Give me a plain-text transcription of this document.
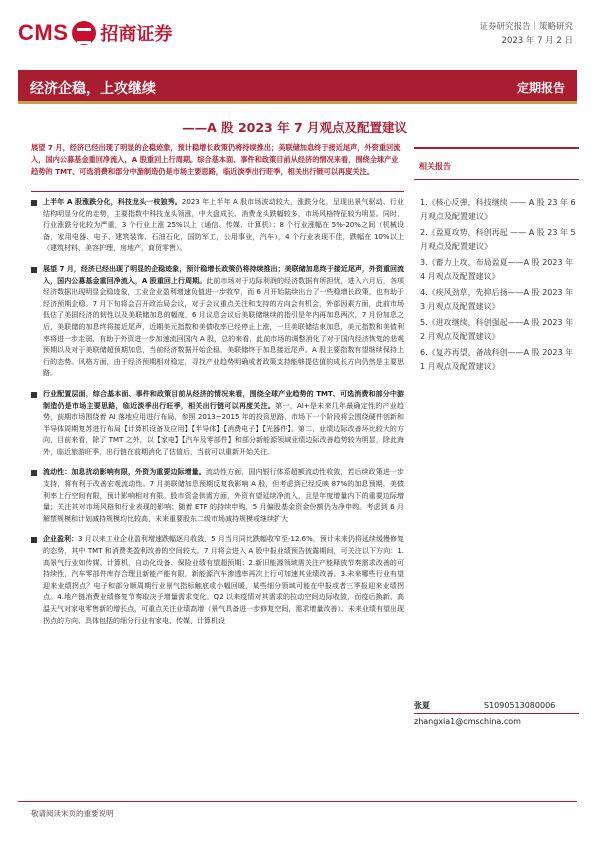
CMS 招商证券	证券研究报告｜策略研究
2023 年 7 月 2 日
经济企稳，上攻继续	定期报告
——A 股 2023 年 7 月观点及配置建议
展望 7 月，经济已经出现了明显的企稳迹象，预计稳增长政策仍将持续推出；美联储加息终于接近尾声，外资重回流入，国内公募基金重回净流入，A 股重回上行周期。综合基本面、事件和政策目前从经济的情况来看，围绕全球产业趋势的 TMT、可选消费和部分中游制造仍是市场主要思路，临近淡季出行旺季，相关出行链可以再度关注。
上半年 A 股涨跌分化，科技龙头一枝独秀。2023 年上半年 A 股市场波动较大，涨跌分化，呈现出景气驱动、行业结构明显分化的走势，主要指数中科技龙头领涨，中大盘成长、消费龙头跌幅较多，市场风格特征较为明显。同时，行业涨跌分化较为严重，3 个行业上涨 25%以上（通信、传媒、计算机）；8 个行业涨幅在 5%-20%之间（机械设备，家用电器、电子、建筑装饰、石油石化，国防军工，公用事业，汽车），4 个行业表现不佳，跌幅在 10%以上（建筑材料、美容护理，房地产，商贸零售）。
展望 7 月，经济已经出现了明显的企稳迹象，预计稳增长政策仍将持续推出；美联储加息终于接近尾声，外资重回流入，国内公募基金重回净流入，A 股重回上行周期。此前市场对于边际利润的经济数据有所担忧，进入六月后，各项经济数据出现明显企稳迹象，工业企业盈利增速负值进一步收窄，而 6 月开始陆续出台了一些稳增长政策，也有助于经济预期企稳。7 月下旬将会召开政治局会议，对于会议重点关注和支持的方向会有机会，外部因素方面，此前市场低估了美国经济的韧性以及美联储加息的幅度，6 月议息会议后美联储继续的指引是年内再加息两次，7 月份加息之后，美联储的加息终将接近尾声，近期美元指数和美债收率已经停止上涨，一旦美联储结束加息，美元指数和美债利率将进一步走弱，有助于外资进一步加速流回国内 A 股，总的来看，此前市场的调整消化了对于国内经济恢复的悲观预期以及对于美联储超预期加息，当前经济数据开始企稳，美联储终于加息接近尾声。A 股主要指数有望继续保持上行的态势。风格方面，由于经济预期相对稳定，寻找产业趋势明确或者政策支持能够提估值的成长方向仍然是主要思路。
行业配置层面，综合基本面、事件和政策目前从经济的情况来看，围绕全球产业趋势的 TMT、可选消费和部分中游制造仍是市场主要思路，临近淡季出行旺季，相关出行链可以再度关注。第一，AI+是未来几年最确定性的产业趋势，前期市场围绕着 AI 落地应用进行布局，参照 2013~2015 年的投资思路，市场下一个阶段将会围绕硬件创新和半导体周期复苏进行布局【计算机设备及应用】【半导体】【消费电子】【光器件】。第二，业绩边际改善环比较大的方向，目前来看，除了 TMT 之外，以【家电】【汽车及零部件】和部分新能源领域业绩边际改善趋势较为明显，除此海外，临近旅游旺季，出行链在前期消化了估值后，当前可以重新开始关注。
流动性：加息扰动影响有限，外资为重要边际增量。流动性方面，国内银行体系超额流动性收敛，若后续政策进一步支持，将有利于改善宏观流动性。7 月美联储加息预期反复我影响 A 股，但考虑到已经反映 87%的加息预期，美债利率上行空间有限，预计影响相对有限。股市资金供需方面，外资有望延续净流入，且是年度增量内下的重要边际增量；关注其对市场风格和行业表现的影响；随着 ETF 的持续申购，5 月偏股基金资金份额仍为净申购。考虑到 6 月解禁规模和计划减持规模均比较高，未来重要股东二级市场减持规模或继续扩大
企业盈利：3 月以来工业企业盈利增速跌幅逐月收敛，5 月当月同比跌幅收窄至-12.6%，预计未来仍将延续缓慢修复的态势，其中 TMT 和消费类盈利改善的空间较大。7 月将会进入 A 股中报业绩预告披露期间，可关注以下方向：1.高景气行业如传媒、计算机，自动化设备、保险业绩有望超预期；2.新旧能源领域需关注产能释放节奏需求改善的可持续性，汽车零部件库存合理且新能产能有限，新能源汽车渗透率再次上行可加速其业绩改善。3.未来哪些行业有望迎来业绩拐点？电子和部分顺周期行业景气指标触底或小幅回暖，某些细分领域可能在中报或者三季报迎来业绩拐点。4.地产链消费业绩修复节奏取决于增量需求变化。Q2 以来疫情对其需求的拉动空间边际收敛，而疫后换新、高温天气对家电零售新的增长点，可重点关注业绩高增（景气具备进一步修复空间，需求增量改善）、未来业绩有望出现拐点的方向、具体包括的细分行业有家电、传媒、计算机设
相关报告
1.《核心反弹，科技继续 —— A 股 23 年 6 月观点及配置建议》
2.《盈夏攻势，科创再起 —— A 股 23 年 5 月观点及配置建议》
3.《蓄力上攻，布局盈夏——A 股 2023 年 4 月观点及配置建议》
4.《疾风劲草，先抑后扬——A 股 2023 年 3 月观点及配置建议》
5.《进攻继续，科创强起——A 股 2023 年 2 月观点及配置建议》
6.《复苏再望，备战科创——A 股 2023 年 1 月观点及配置建议》
张夏	S1090513080006
zhangxia1@cmschina.com
敬请阅读末页的重要说明
